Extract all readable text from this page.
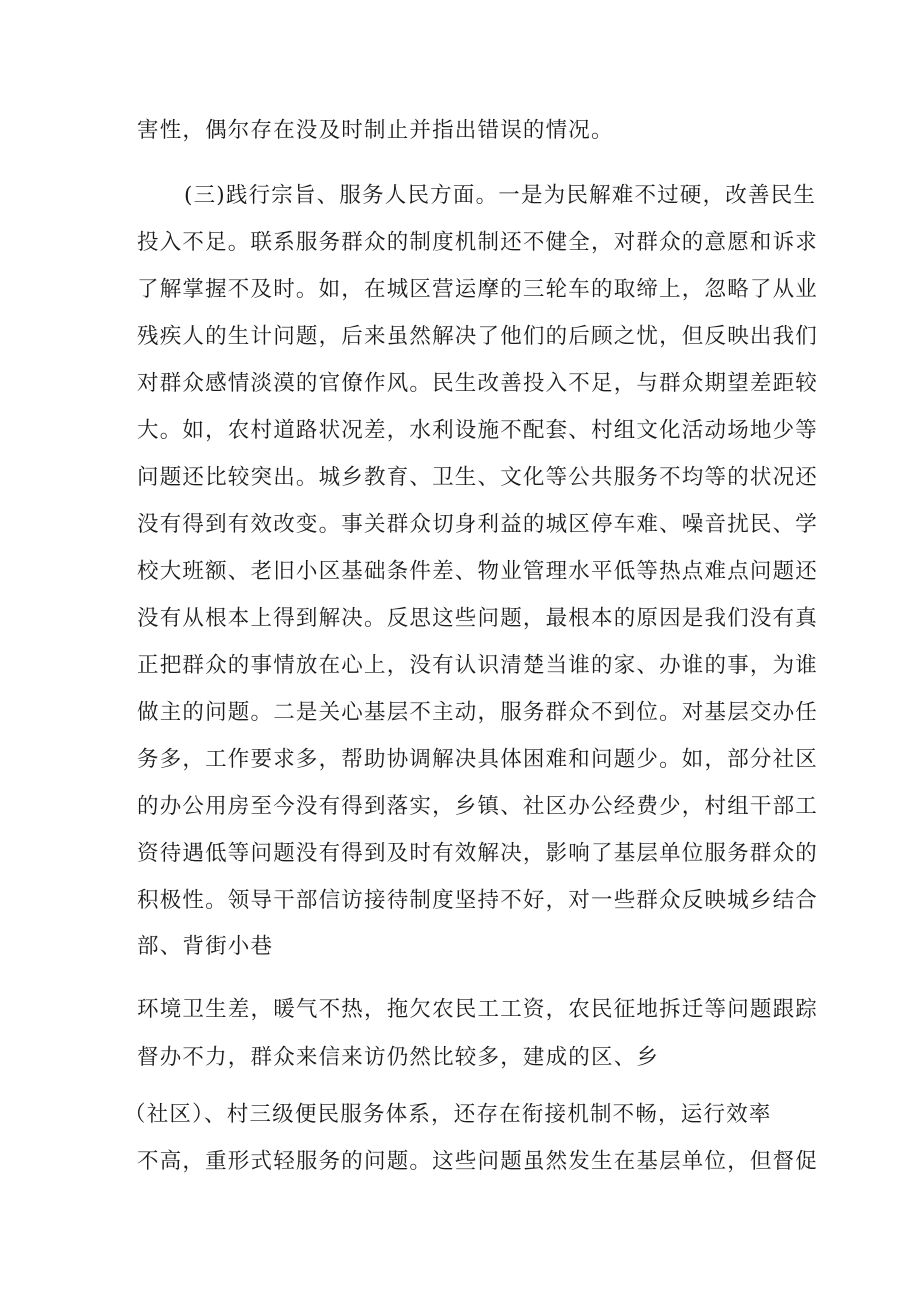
害性，偶尔存在没及时制止并指出错误的情况。
(三)践行宗旨、服务人民方面。一是为民解难不过硬，改善民生
投入不足。联系服务群众的制度机制还不健全，对群众的意愿和诉求
了解掌握不及时。如，在城区营运摩的三轮车的取缔上，忽略了从业
残疾人的生计问题，后来虽然解决了他们的后顾之忧，但反映出我们
对群众感情淡漠的官僚作风。民生改善投入不足，与群众期望差距较
大。如，农村道路状况差，水利设施不配套、村组文化活动场地少等
问题还比较突出。城乡教育、卫生、文化等公共服务不均等的状况还
没有得到有效改变。事关群众切身利益的城区停车难、噪音扰民、学
校大班额、老旧小区基础条件差、物业管理水平低等热点难点问题还
没有从根本上得到解决。反思这些问题，最根本的原因是我们没有真
正把群众的事情放在心上，没有认识清楚当谁的家、办谁的事，为谁
做主的问题。二是关心基层不主动，服务群众不到位。对基层交办任
务多，工作要求多，帮助协调解决具体困难和问题少。如，部分社区
的办公用房至今没有得到落实，乡镇、社区办公经费少，村组干部工
资待遇低等问题没有得到及时有效解决，影响了基层单位服务群众的
积极性。领导干部信访接待制度坚持不好，对一些群众反映城乡结合
部、背街小巷
环境卫生差，暖气不热，拖欠农民工工资，农民征地拆迁等问题跟踪
督办不力，群众来信来访仍然比较多，建成的区、乡
（社区）、村三级便民服务体系，还存在衔接机制不畅，运行效率
不高，重形式轻服务的问题。这些问题虽然发生在基层单位，但督促
